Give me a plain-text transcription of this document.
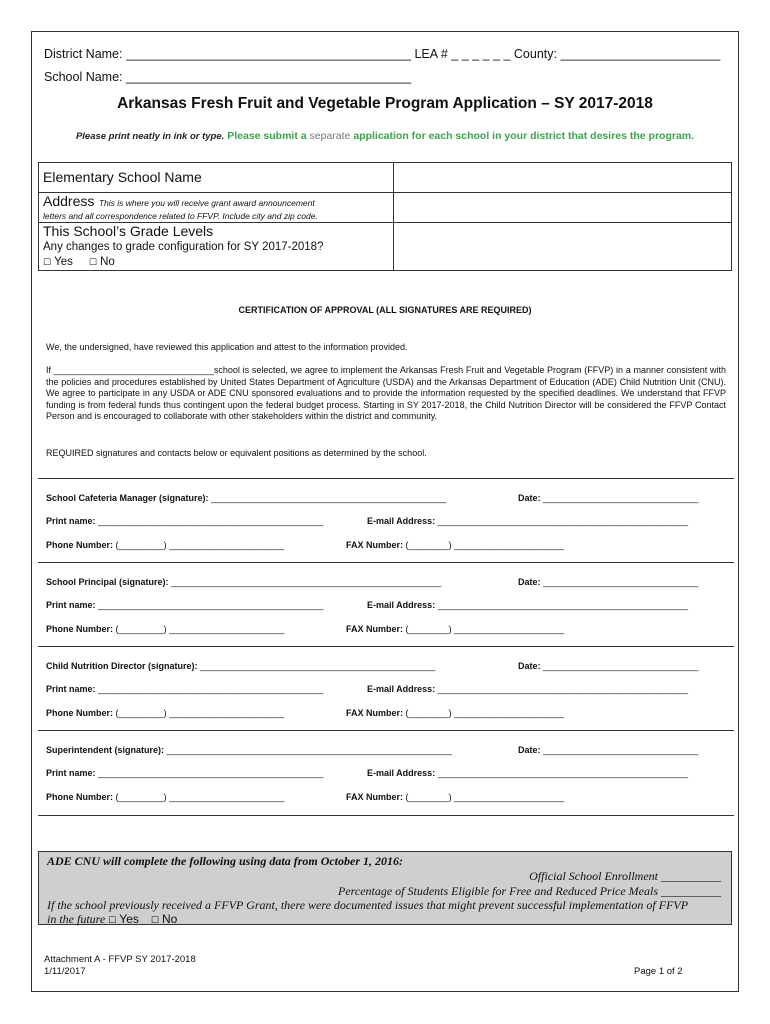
District Name: _________________________________________ LEA # _ _ _ _ _ _ County: _______________________
School Name: _________________________________________
Arkansas Fresh Fruit and Vegetable Program Application – SY 2017-2018
Please print neatly in ink or type. Please submit a separate application for each school in your district that desires the program.
Elementary School Name	
Address This is where you will receive grant award announcement
letters and all correspondence related to FFVP. Include city and zip code.	
This School’s Grade Levels
Any changes to grade configuration for SY 2017-2018?
☐ Yes ☐ No	
CERTIFICATION OF APPROVAL (ALL SIGNATURES ARE REQUIRED)
We, the undersigned, have reviewed this application and attest to the information provided.
If ________________________________school is selected, we agree to implement the Arkansas Fresh Fruit and Vegetable Program (FFVP) in a manner consistent with the policies and procedures established by United States Department of Agriculture (USDA) and the Arkansas Department of Education (ADE) Child Nutrition Unit (CNU). We agree to participate in any USDA or ADE CNU sponsored evaluations and to provide the information requested by the specified deadlines. We understand that FFVP funding is from federal funds thus contingent upon the federal budget process. Starting in SY 2017-2018, the Child Nutrition Director will be considered the FFVP Contact Person and is encouraged to collaborate with other stakeholders within the district and community.
REQUIRED signatures and contacts below or equivalent positions as determined by the school.
School Cafeteria Manager (signature): _______________________________________________	Date: _______________________________
Print name: _____________________________________________	E-mail Address: __________________________________________________
Phone Number: (_________) _______________________	FAX Number: (________) ______________________
School Principal (signature): ______________________________________________________	Date: _______________________________
Print name: _____________________________________________	E-mail Address: __________________________________________________
Phone Number: (_________) _______________________	FAX Number: (________) ______________________
Child Nutrition Director (signature): _______________________________________________	Date: _______________________________
Print name: _____________________________________________	E-mail Address: __________________________________________________
Phone Number: (_________) _______________________	FAX Number: (________) ______________________
Superintendent (signature): _________________________________________________________	Date: _______________________________
Print name: _____________________________________________	E-mail Address: __________________________________________________
Phone Number: (_________) _______________________	FAX Number: (________) ______________________
ADE CNU will complete the following using data from October 1, 2016:
Official School Enrollment __________
Percentage of Students Eligible for Free and Reduced Price Meals __________
If the school previously received a FFVP Grant, there were documented issues that might prevent successful implementation of FFVP
in the future ☐ Yes ☐ No
Attachment A - FFVP SY 2017-2018
1/11/2017	Page 1 of 2
